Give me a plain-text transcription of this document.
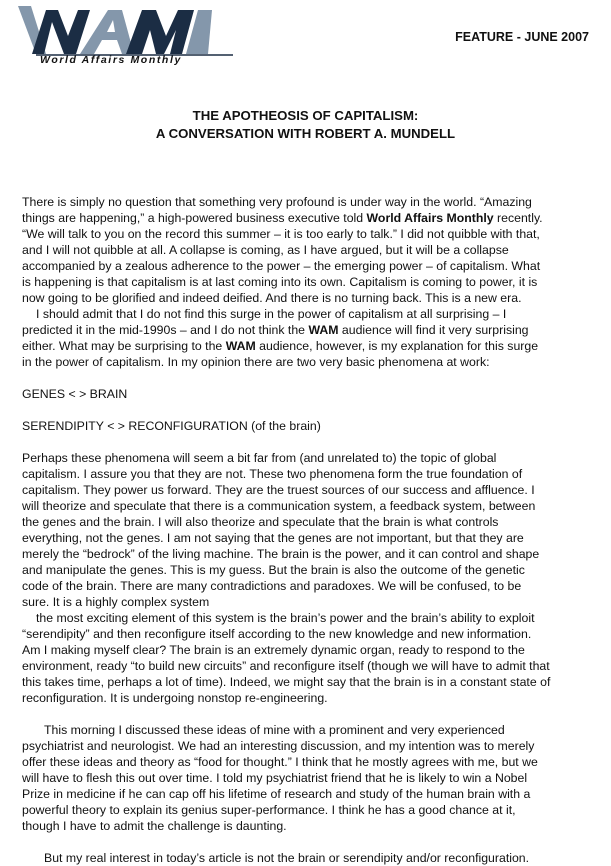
World Affairs Monthly
FEATURE - JUNE 2007
THE APOTHEOSIS OF CAPITALISM:
A CONVERSATION WITH ROBERT A. MUNDELL

There is simply no question that something very profound is under way in the world. “Amazing
things are happening,” a high-powered business executive told World Affairs Monthly recently.
“We will talk to you on the record this summer – it is too early to talk.” I did not quibble with that,
and I will not quibble at all. A collapse is coming, as I have argued, but it will be a collapse
accompanied by a zealous adherence to the power – the emerging power – of capitalism. What
is happening is that capitalism is at last coming into its own. Capitalism is coming to power, it is
now going to be glorified and indeed deified. And there is no turning back. This is a new era.

I should admit that I do not find this surge in the power of capitalism at all surprising – I
predicted it in the mid-1990s – and I do not think the WAM audience will find it very surprising
either. What may be surprising to the WAM audience, however, is my explanation for this surge
in the power of capitalism. In my opinion there are two very basic phenomena at work:

GENES < > BRAIN

SERENDIPITY < > RECONFIGURATION (of the brain)

Perhaps these phenomena will seem a bit far from (and unrelated to) the topic of global
capitalism. I assure you that they are not. These two phenomena form the true foundation of
capitalism. They power us forward. They are the truest sources of our success and affluence. I
will theorize and speculate that there is a communication system, a feedback system, between
the genes and the brain. I will also theorize and speculate that the brain is what controls
everything, not the genes. I am not saying that the genes are not important, but that they are
merely the “bedrock” of the living machine. The brain is the power, and it can control and shape
and manipulate the genes. This is my guess. But the brain is also the outcome of the genetic
code of the brain. There are many contradictions and paradoxes. We will be confused, to be
sure. It is a highly complex system

the most exciting element of this system is the brain’s power and the brain’s ability to exploit
“serendipity” and then reconfigure itself according to the new knowledge and new information.
Am I making myself clear? The brain is an extremely dynamic organ, ready to respond to the
environment, ready “to build new circuits” and reconfigure itself (though we will have to admit that
this takes time, perhaps a lot of time). Indeed, we might say that the brain is in a constant state of
reconfiguration. It is undergoing nonstop re-engineering.

This morning I discussed these ideas of mine with a prominent and very experienced
psychiatrist and neurologist. We had an interesting discussion, and my intention was to merely
offer these ideas and theory as “food for thought.” I think that he mostly agrees with me, but we
will have to flesh this out over time. I told my psychiatrist friend that he is likely to win a Nobel
Prize in medicine if he can cap off his lifetime of research and study of the human brain with a
powerful theory to explain its genius super-performance. I think he has a good chance at it,
though I have to admit the challenge is daunting.

But my real interest in today’s article is not the brain or serendipity and/or reconfiguration.
